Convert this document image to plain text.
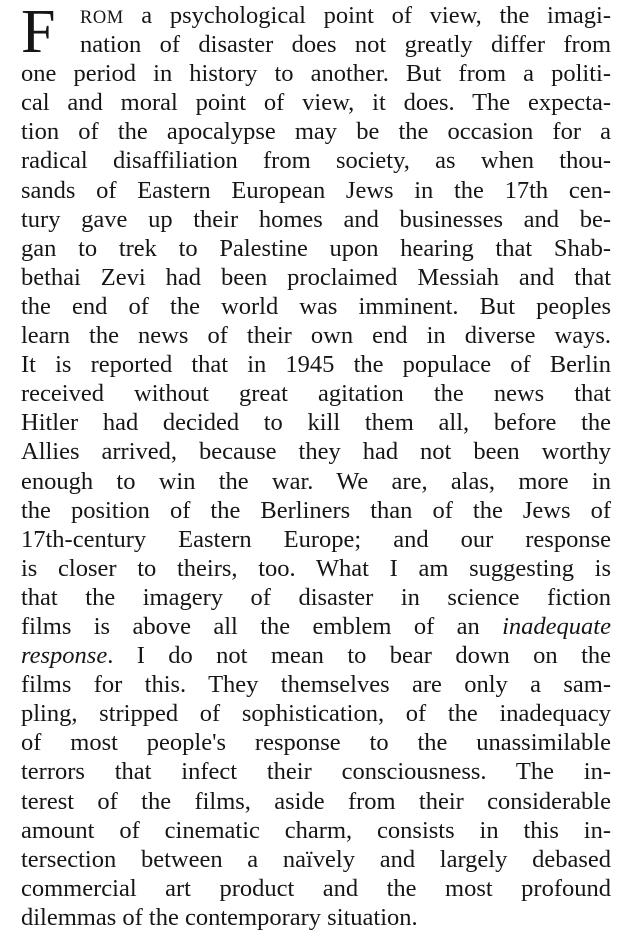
F ROM a psychological point of view, the imagi-
nation of disaster does not greatly differ from
one period in history to another. But from a politi-
cal and moral point of view, it does. The expecta-
tion of the apocalypse may be the occasion for a
radical disaffiliation from society, as when thou-
sands of Eastern European Jews in the 17th cen-
tury gave up their homes and businesses and be-
gan to trek to Palestine upon hearing that Shab-
bethai Zevi had been proclaimed Messiah and that
the end of the world was imminent. But peoples
learn the news of their own end in diverse ways.
It is reported that in 1945 the populace of Berlin
received without great agitation the news that
Hitler had decided to kill them all, before the
Allies arrived, because they had not been worthy
enough to win the war. We are, alas, more in
the position of the Berliners than of the Jews of
17th-century Eastern Europe; and our response
is closer to theirs, too. What I am suggesting is
that the imagery of disaster in science fiction
films is above all the emblem of an inadequate
response. I do not mean to bear down on the
films for this. They themselves are only a sam-
pling, stripped of sophistication, of the inadequacy
of most people's response to the unassimilable
terrors that infect their consciousness. The in-
terest of the films, aside from their considerable
amount of cinematic charm, consists in this in-
tersection between a naïvely and largely debased
commercial art product and the most profound
dilemmas of the contemporary situation.
